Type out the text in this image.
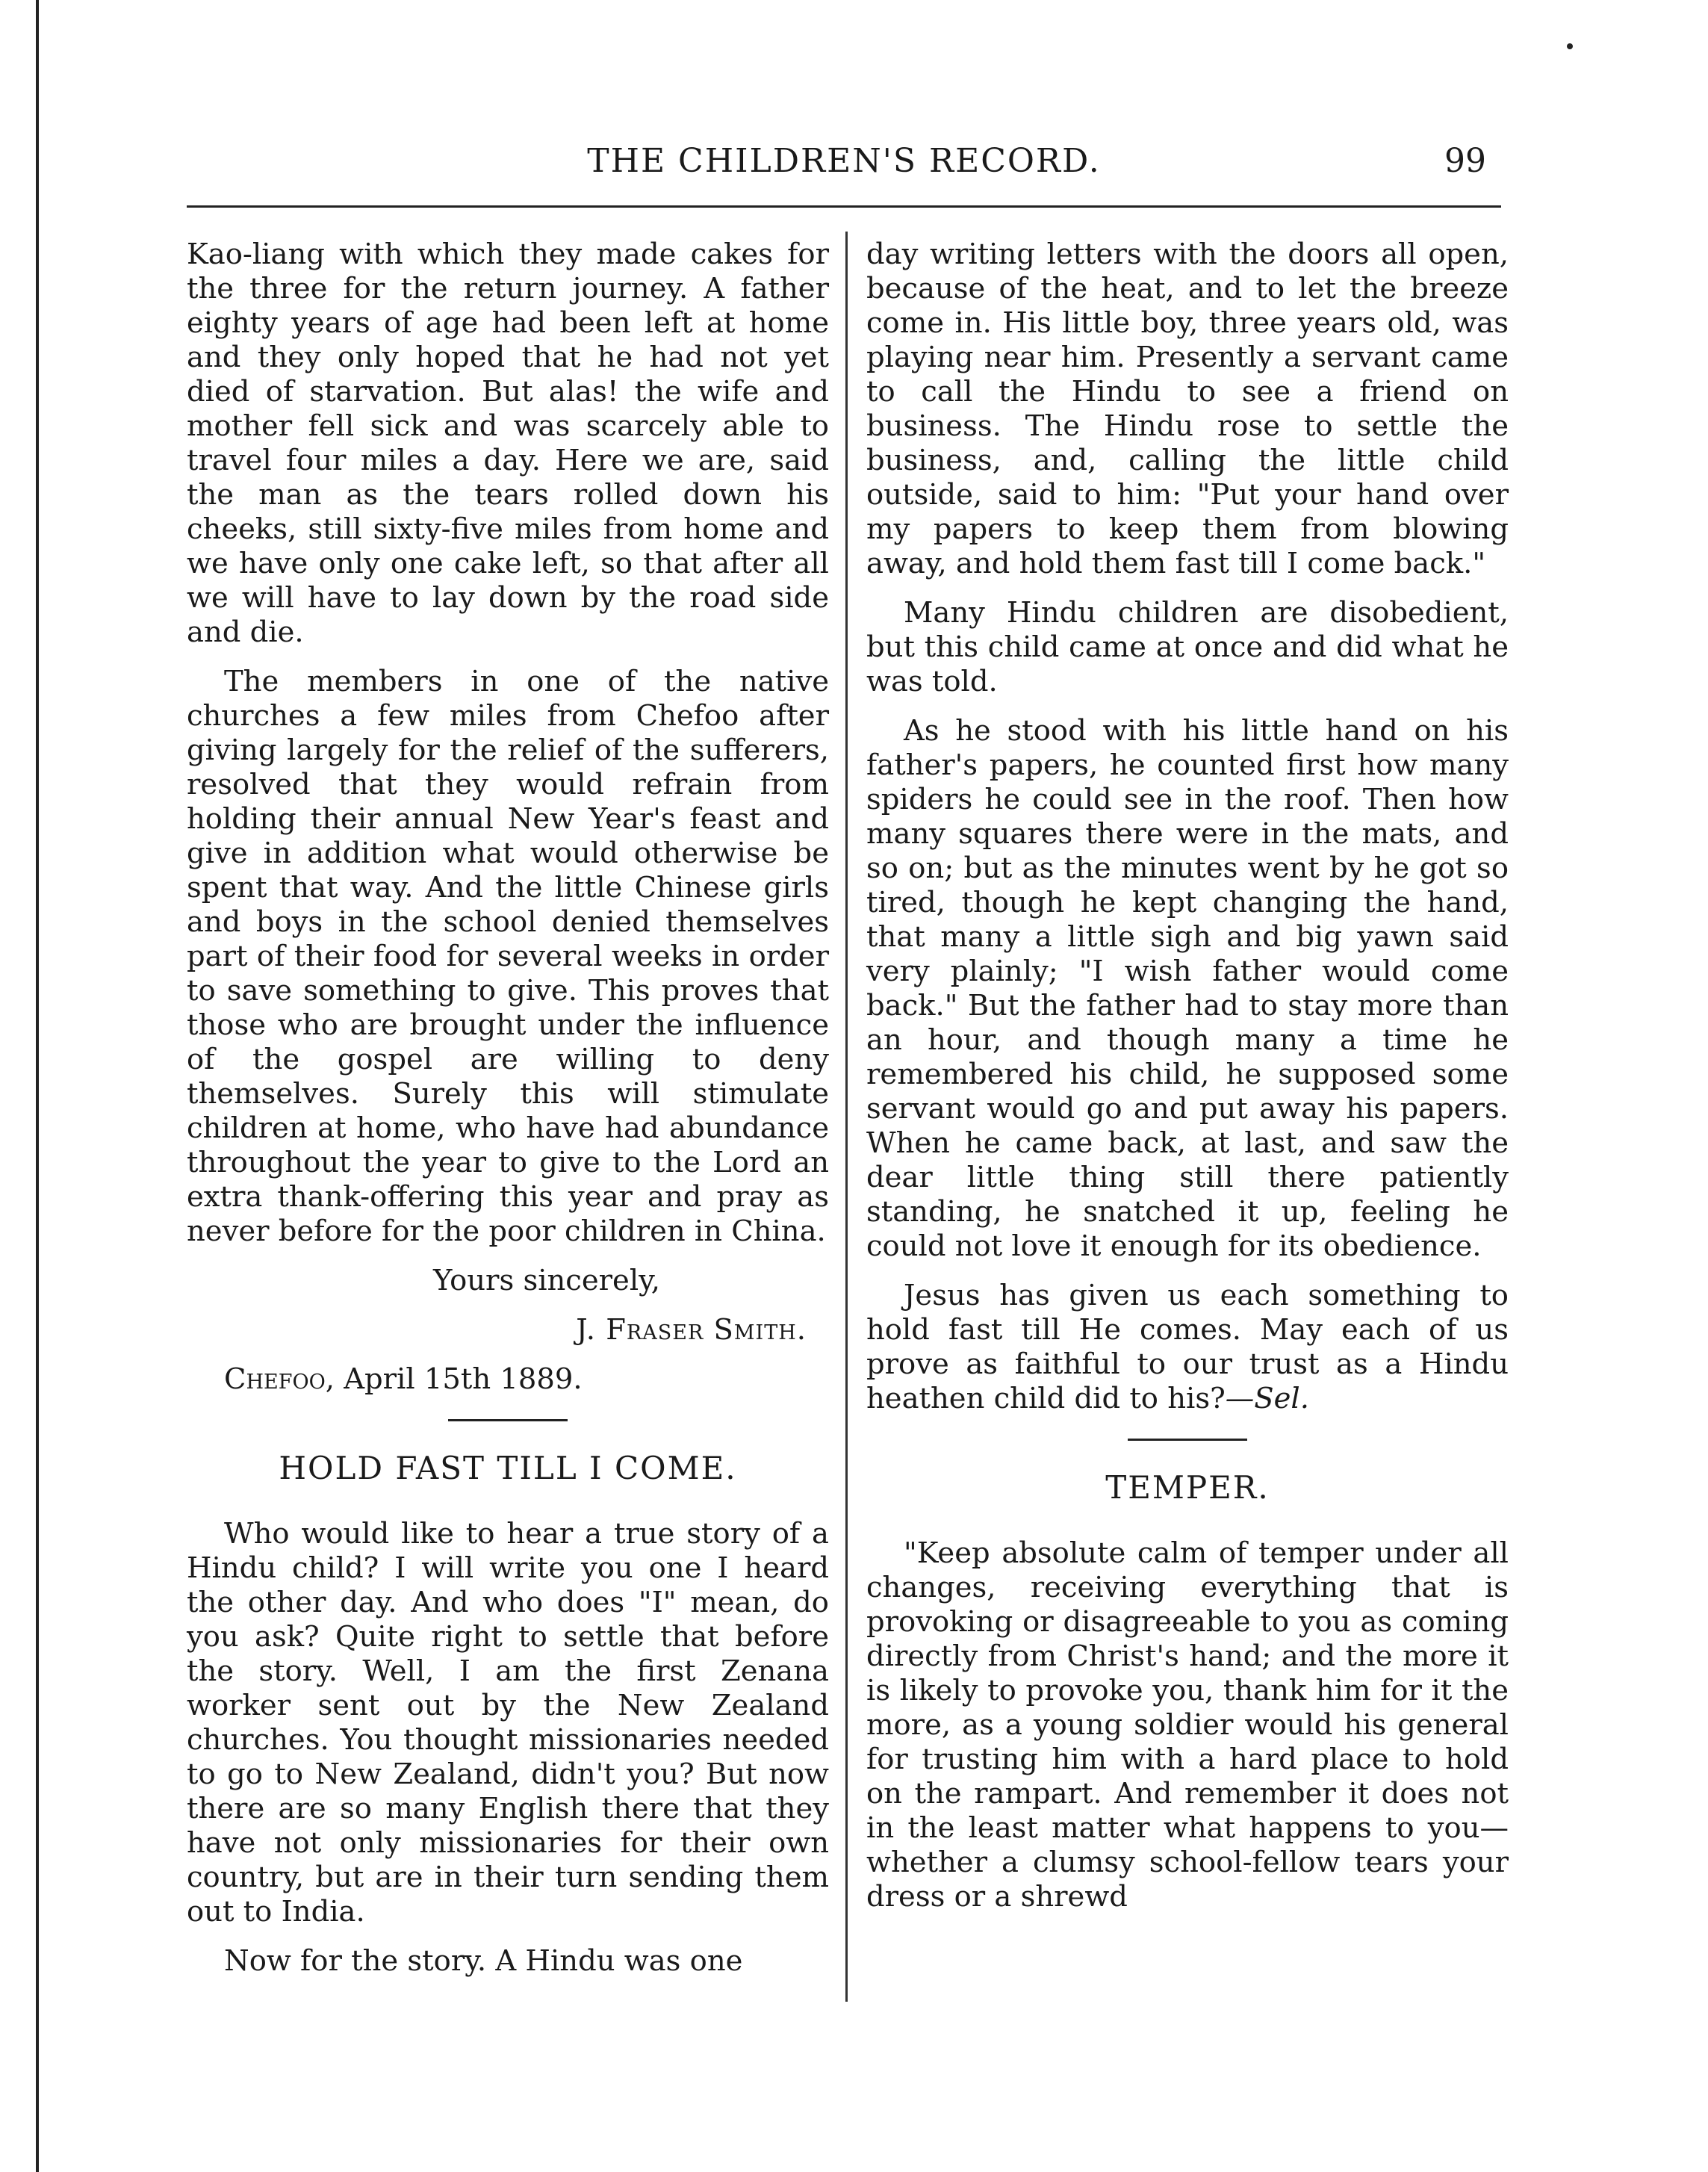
THE CHILDREN'S RECORD.	99

Kao-liang with which they made cakes for the three for the return journey. A father eighty years of age had been left at home and they only hoped that he had not yet died of starvation. But alas! the wife and mother fell sick and was scarcely able to travel four miles a day. Here we are, said the man as the tears rolled down his cheeks, still sixty-five miles from home and we have only one cake left, so that after all we will have to lay down by the road side and die.

The members in one of the native churches a few miles from Chefoo after giving largely for the relief of the sufferers, resolved that they would refrain from holding their annual New Year's feast and give in addition what would otherwise be spent that way. And the little Chinese girls and boys in the school denied themselves part of their food for several weeks in order to save something to give. This proves that those who are brought under the influence of the gospel are willing to deny themselves. Surely this will stimulate children at home, who have had abundance throughout the year to give to the Lord an extra thank-offering this year and pray as never before for the poor children in China.

Yours sincerely,

J. Fraser Smith.

Chefoo, April 15th 1889.

HOLD FAST TILL I COME.

Who would like to hear a true story of a Hindu child? I will write you one I heard the other day. And who does "I" mean, do you ask? Quite right to settle that before the story. Well, I am the first Zenana worker sent out by the New Zealand churches. You thought missionaries needed to go to New Zealand, didn't you? But now there are so many English there that they have not only missionaries for their own country, but are in their turn sending them out to India.

Now for the story. A Hindu was one

day writing letters with the doors all open, because of the heat, and to let the breeze come in. His little boy, three years old, was playing near him. Presently a servant came to call the Hindu to see a friend on business. The Hindu rose to settle the business, and, calling the little child outside, said to him: "Put your hand over my papers to keep them from blowing away, and hold them fast till I come back."

Many Hindu children are disobedient, but this child came at once and did what he was told.

As he stood with his little hand on his father's papers, he counted first how many spiders he could see in the roof. Then how many squares there were in the mats, and so on; but as the minutes went by he got so tired, though he kept changing the hand, that many a little sigh and big yawn said very plainly; "I wish father would come back." But the father had to stay more than an hour, and though many a time he remembered his child, he supposed some servant would go and put away his papers. When he came back, at last, and saw the dear little thing still there patiently standing, he snatched it up, feeling he could not love it enough for its obedience.

Jesus has given us each something to hold fast till He comes. May each of us prove as faithful to our trust as a Hindu heathen child did to his?—Sel.

TEMPER.

"Keep absolute calm of temper under all changes, receiving everything that is provoking or disagreeable to you as coming directly from Christ's hand; and the more it is likely to provoke you, thank him for it the more, as a young soldier would his general for trusting him with a hard place to hold on the rampart. And remember it does not in the least matter what happens to you—whether a clumsy school-fellow tears your dress or a shrewd
